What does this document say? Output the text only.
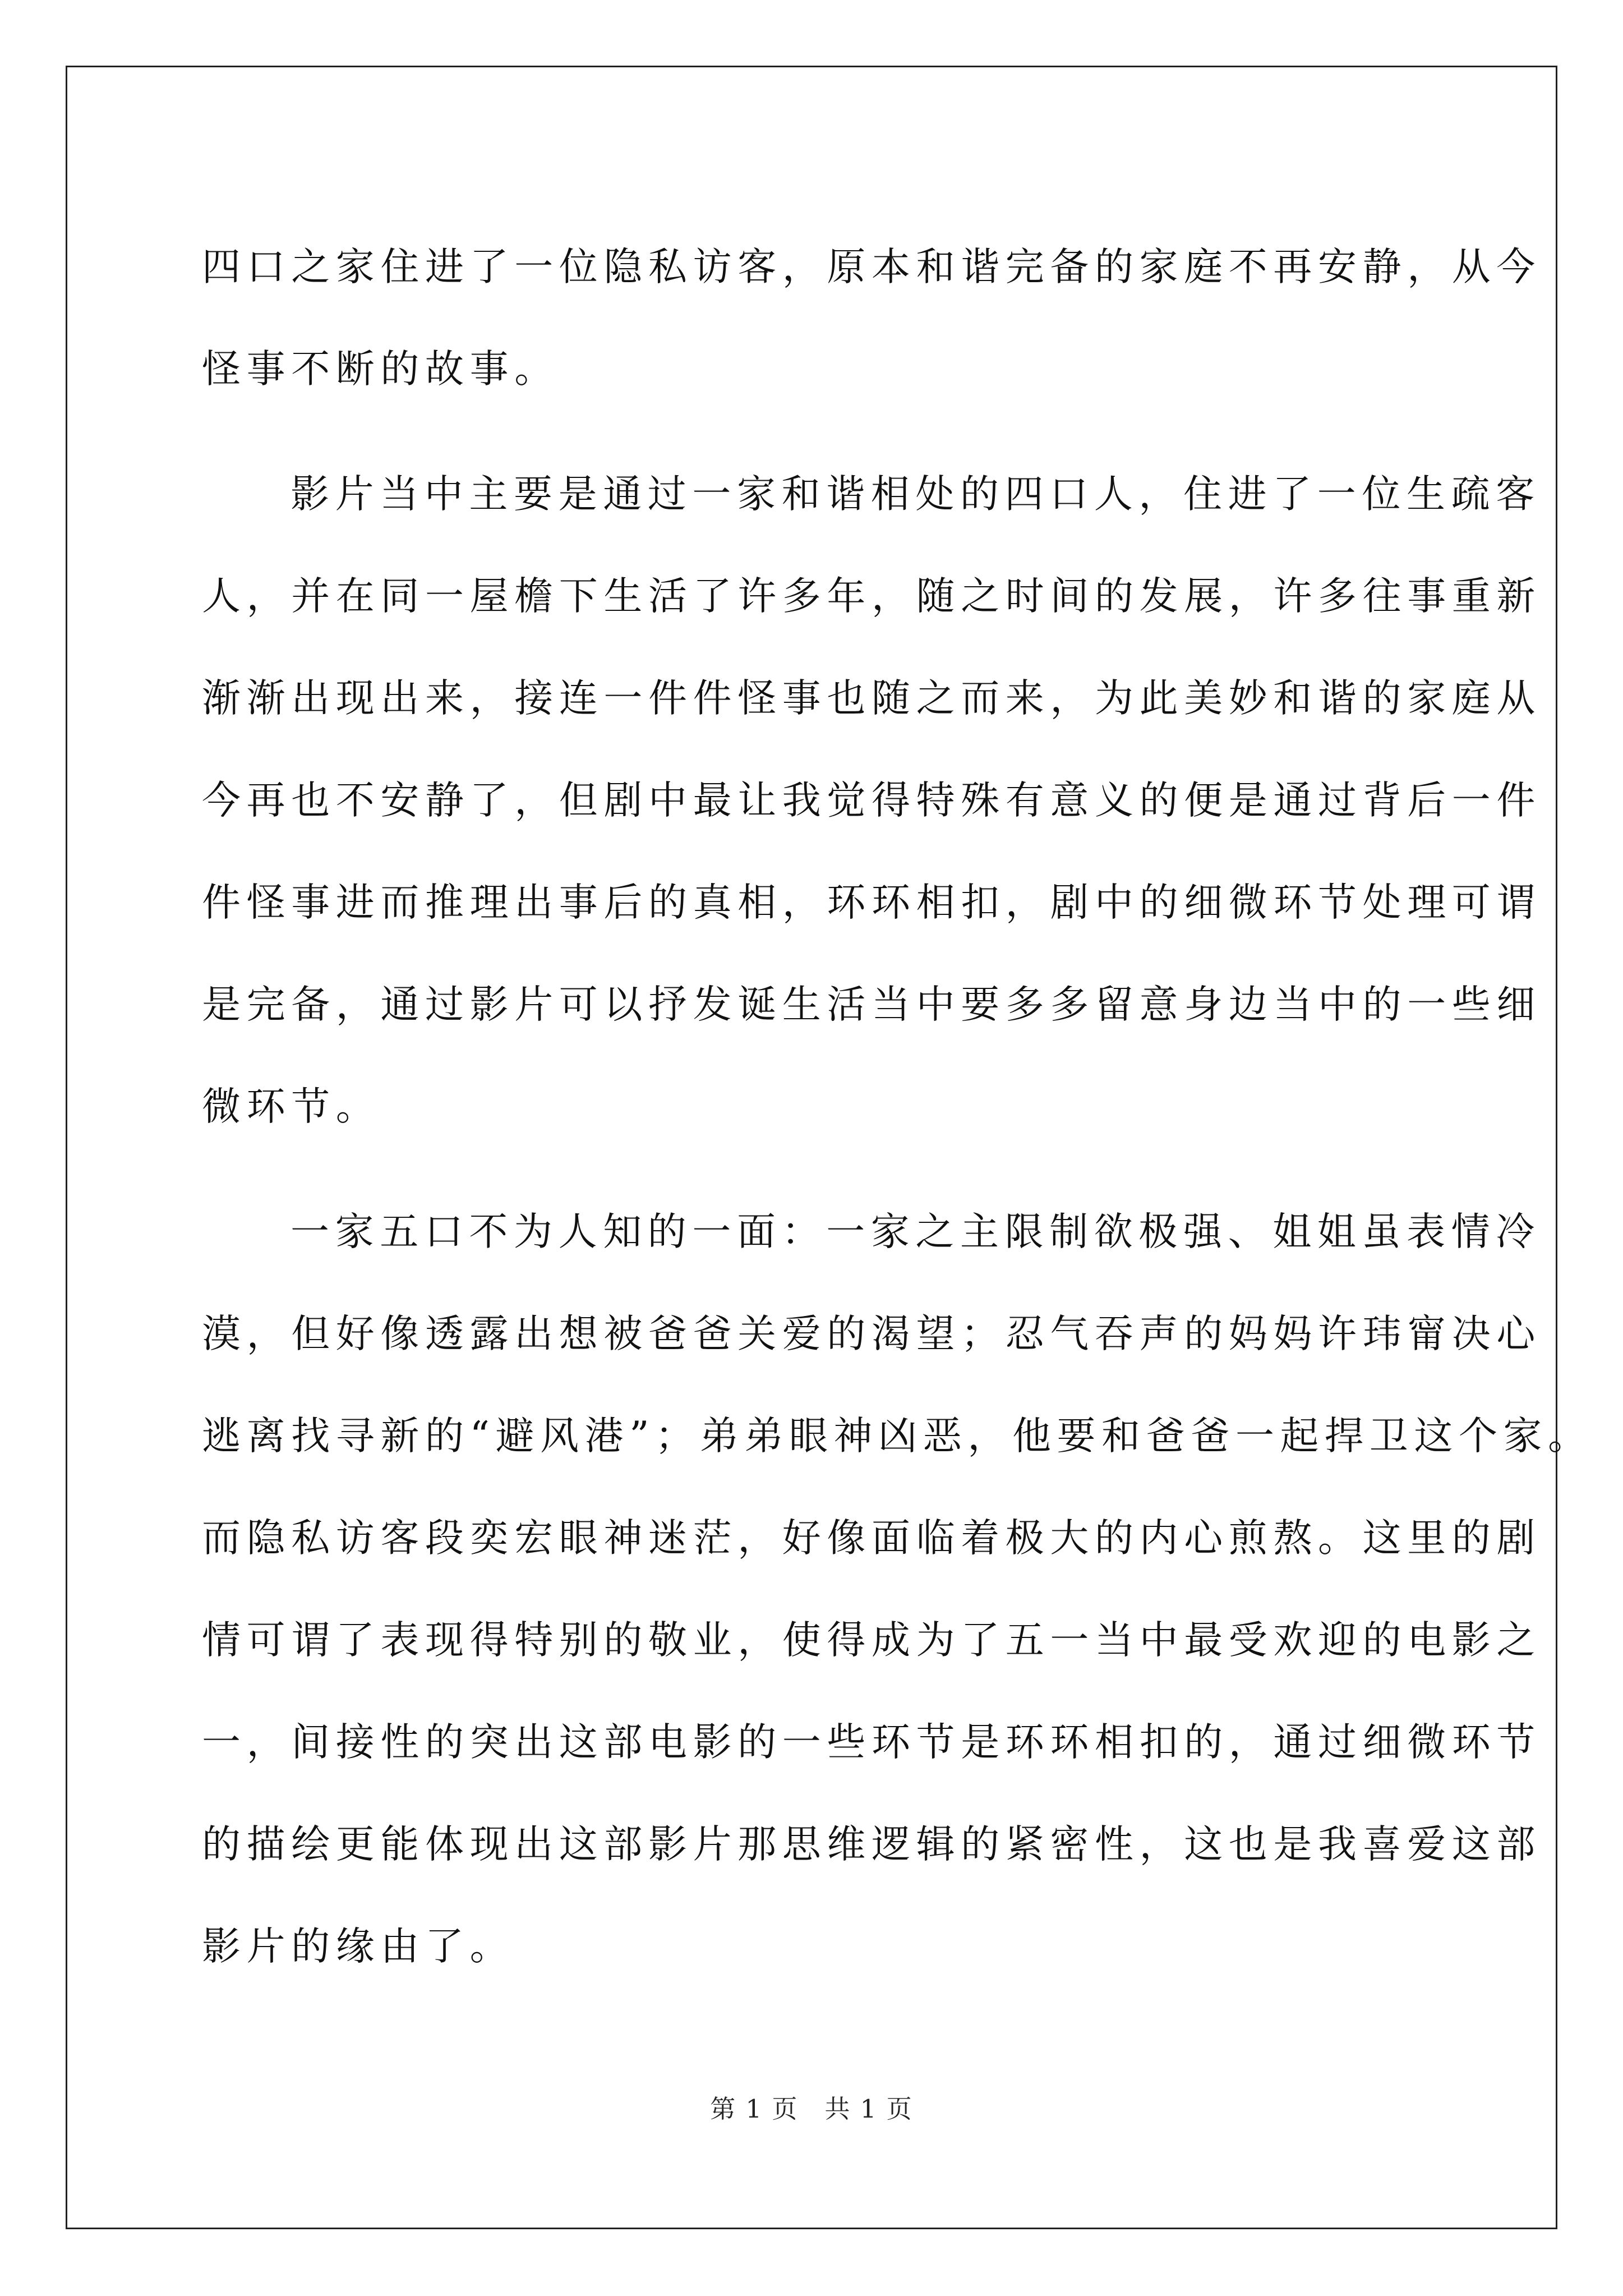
四口之家住进了一位隐私访客，原本和谐完备的家庭不再安静，从今
怪事不断的故事。

影片当中主要是通过一家和谐相处的四口人，住进了一位生疏客
人，并在同一屋檐下生活了许多年，随之时间的发展，许多往事重新
渐渐出现出来，接连一件件怪事也随之而来，为此美妙和谐的家庭从
今再也不安静了，但剧中最让我觉得特殊有意义的便是通过背后一件
件怪事进而推理出事后的真相，环环相扣，剧中的细微环节处理可谓
是完备，通过影片可以抒发诞生活当中要多多留意身边当中的一些细
微环节。

一家五口不为人知的一面：一家之主限制欲极强、姐姐虽表情冷
漠，但好像透露出想被爸爸关爱的渴望；忍气吞声的妈妈许玮甯决心
逃离找寻新的“避风港”；弟弟眼神凶恶，他要和爸爸一起捍卫这个家。
而隐私访客段奕宏眼神迷茫，好像面临着极大的内心煎熬。这里的剧
情可谓了表现得特别的敬业，使得成为了五一当中最受欢迎的电影之
一，间接性的突出这部电影的一些环节是环环相扣的，通过细微环节
的描绘更能体现出这部影片那思维逻辑的紧密性，这也是我喜爱这部
影片的缘由了。

第 1 页　共 1 页
